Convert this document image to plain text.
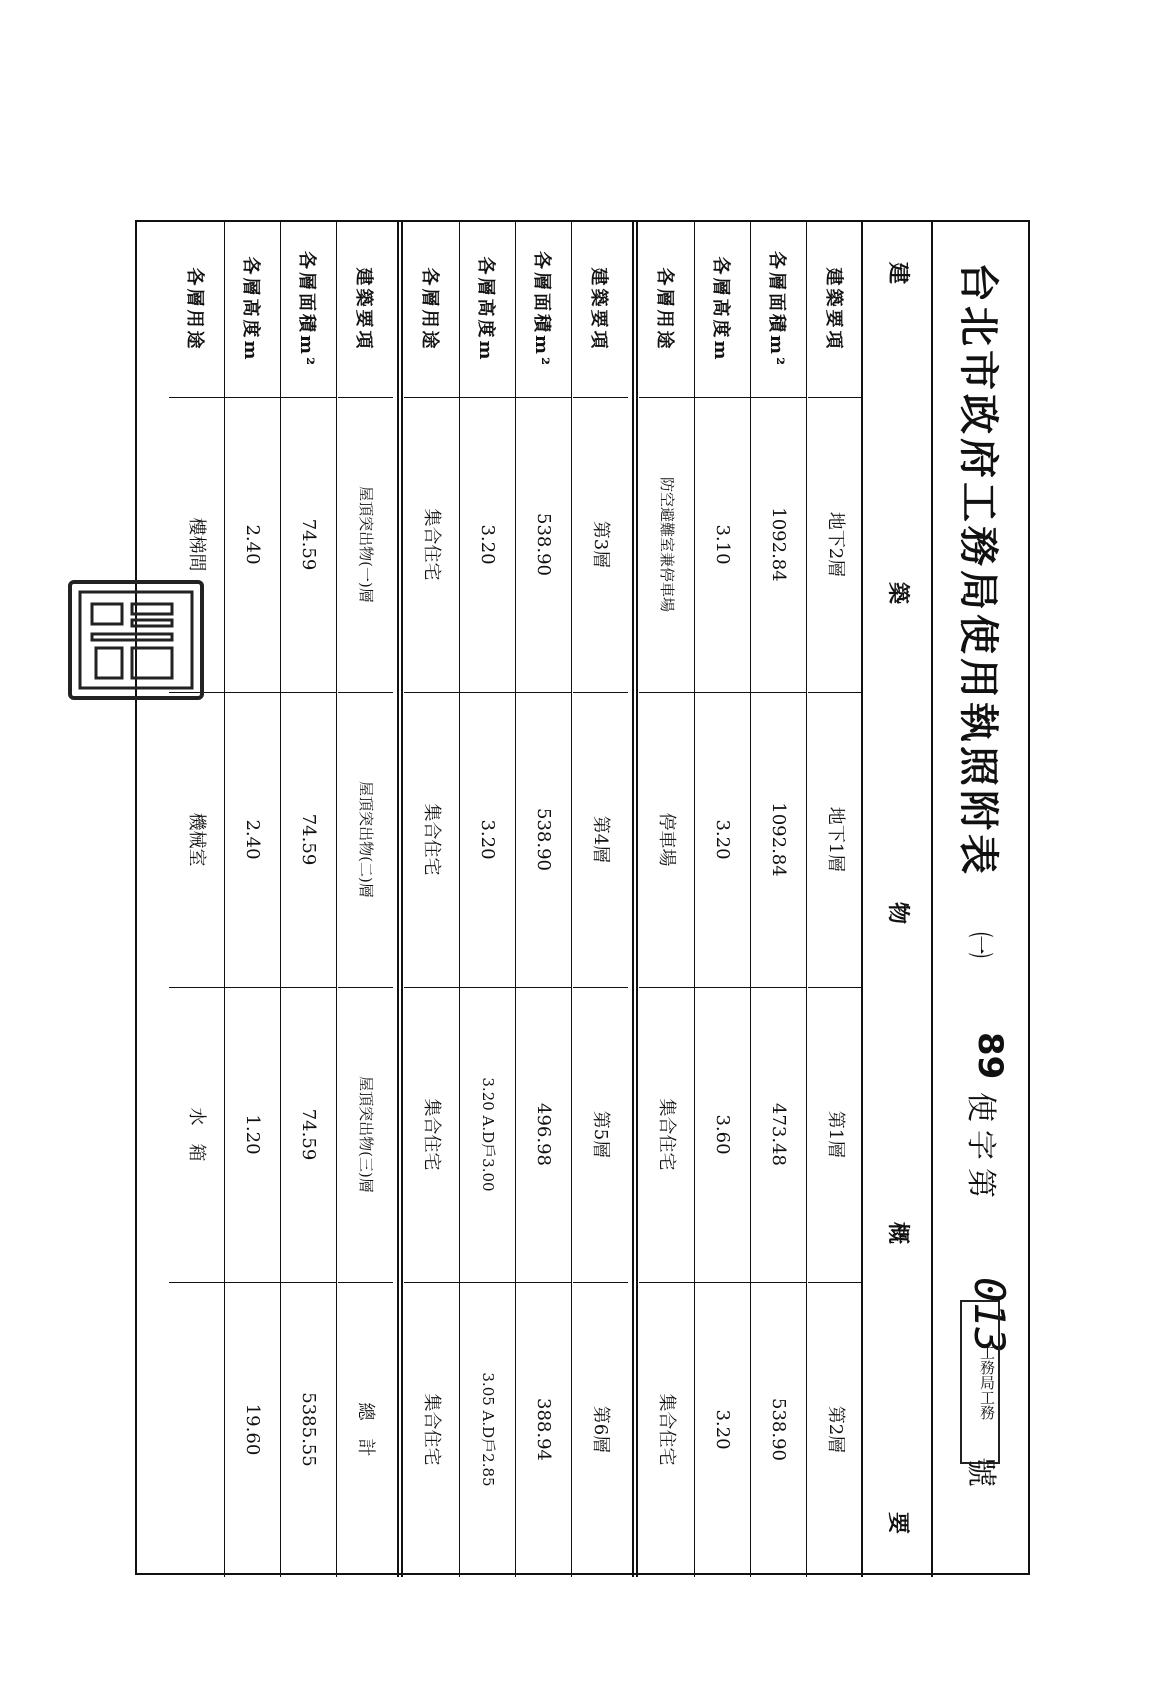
台北市政府工務局使用執照附表
㈠
89
使字第
013
號
建
築
物
概
要
建築要項
地下2層
地下1層
第1層
第2層
各層面積m²
1092.84
1092.84
473.48
538.90
各層高度m
3.10
3.20
3.60
3.20
各層用途
防空避難室兼停車場
停車場
集合住宅
集合住宅
建築要項
第3層
第4層
第5層
第6層
各層面積m²
538.90
538.90
496.98
388.94
各層高度m
3.20
3.20
3.20 A.D戶3.00
3.05 A.D戶2.85
各層用途
集合住宅
集合住宅
集合住宅
集合住宅
建築要項
屋頂突出物(一)層
屋頂突出物(二)層
屋頂突出物(三)層
總　計
各層面積m²
74.59
74.59
74.59
5385.55
各層高度m
2.40
2.40
1.20
19.60
各層用途
樓梯間
機械室
水　箱
工務局工務
